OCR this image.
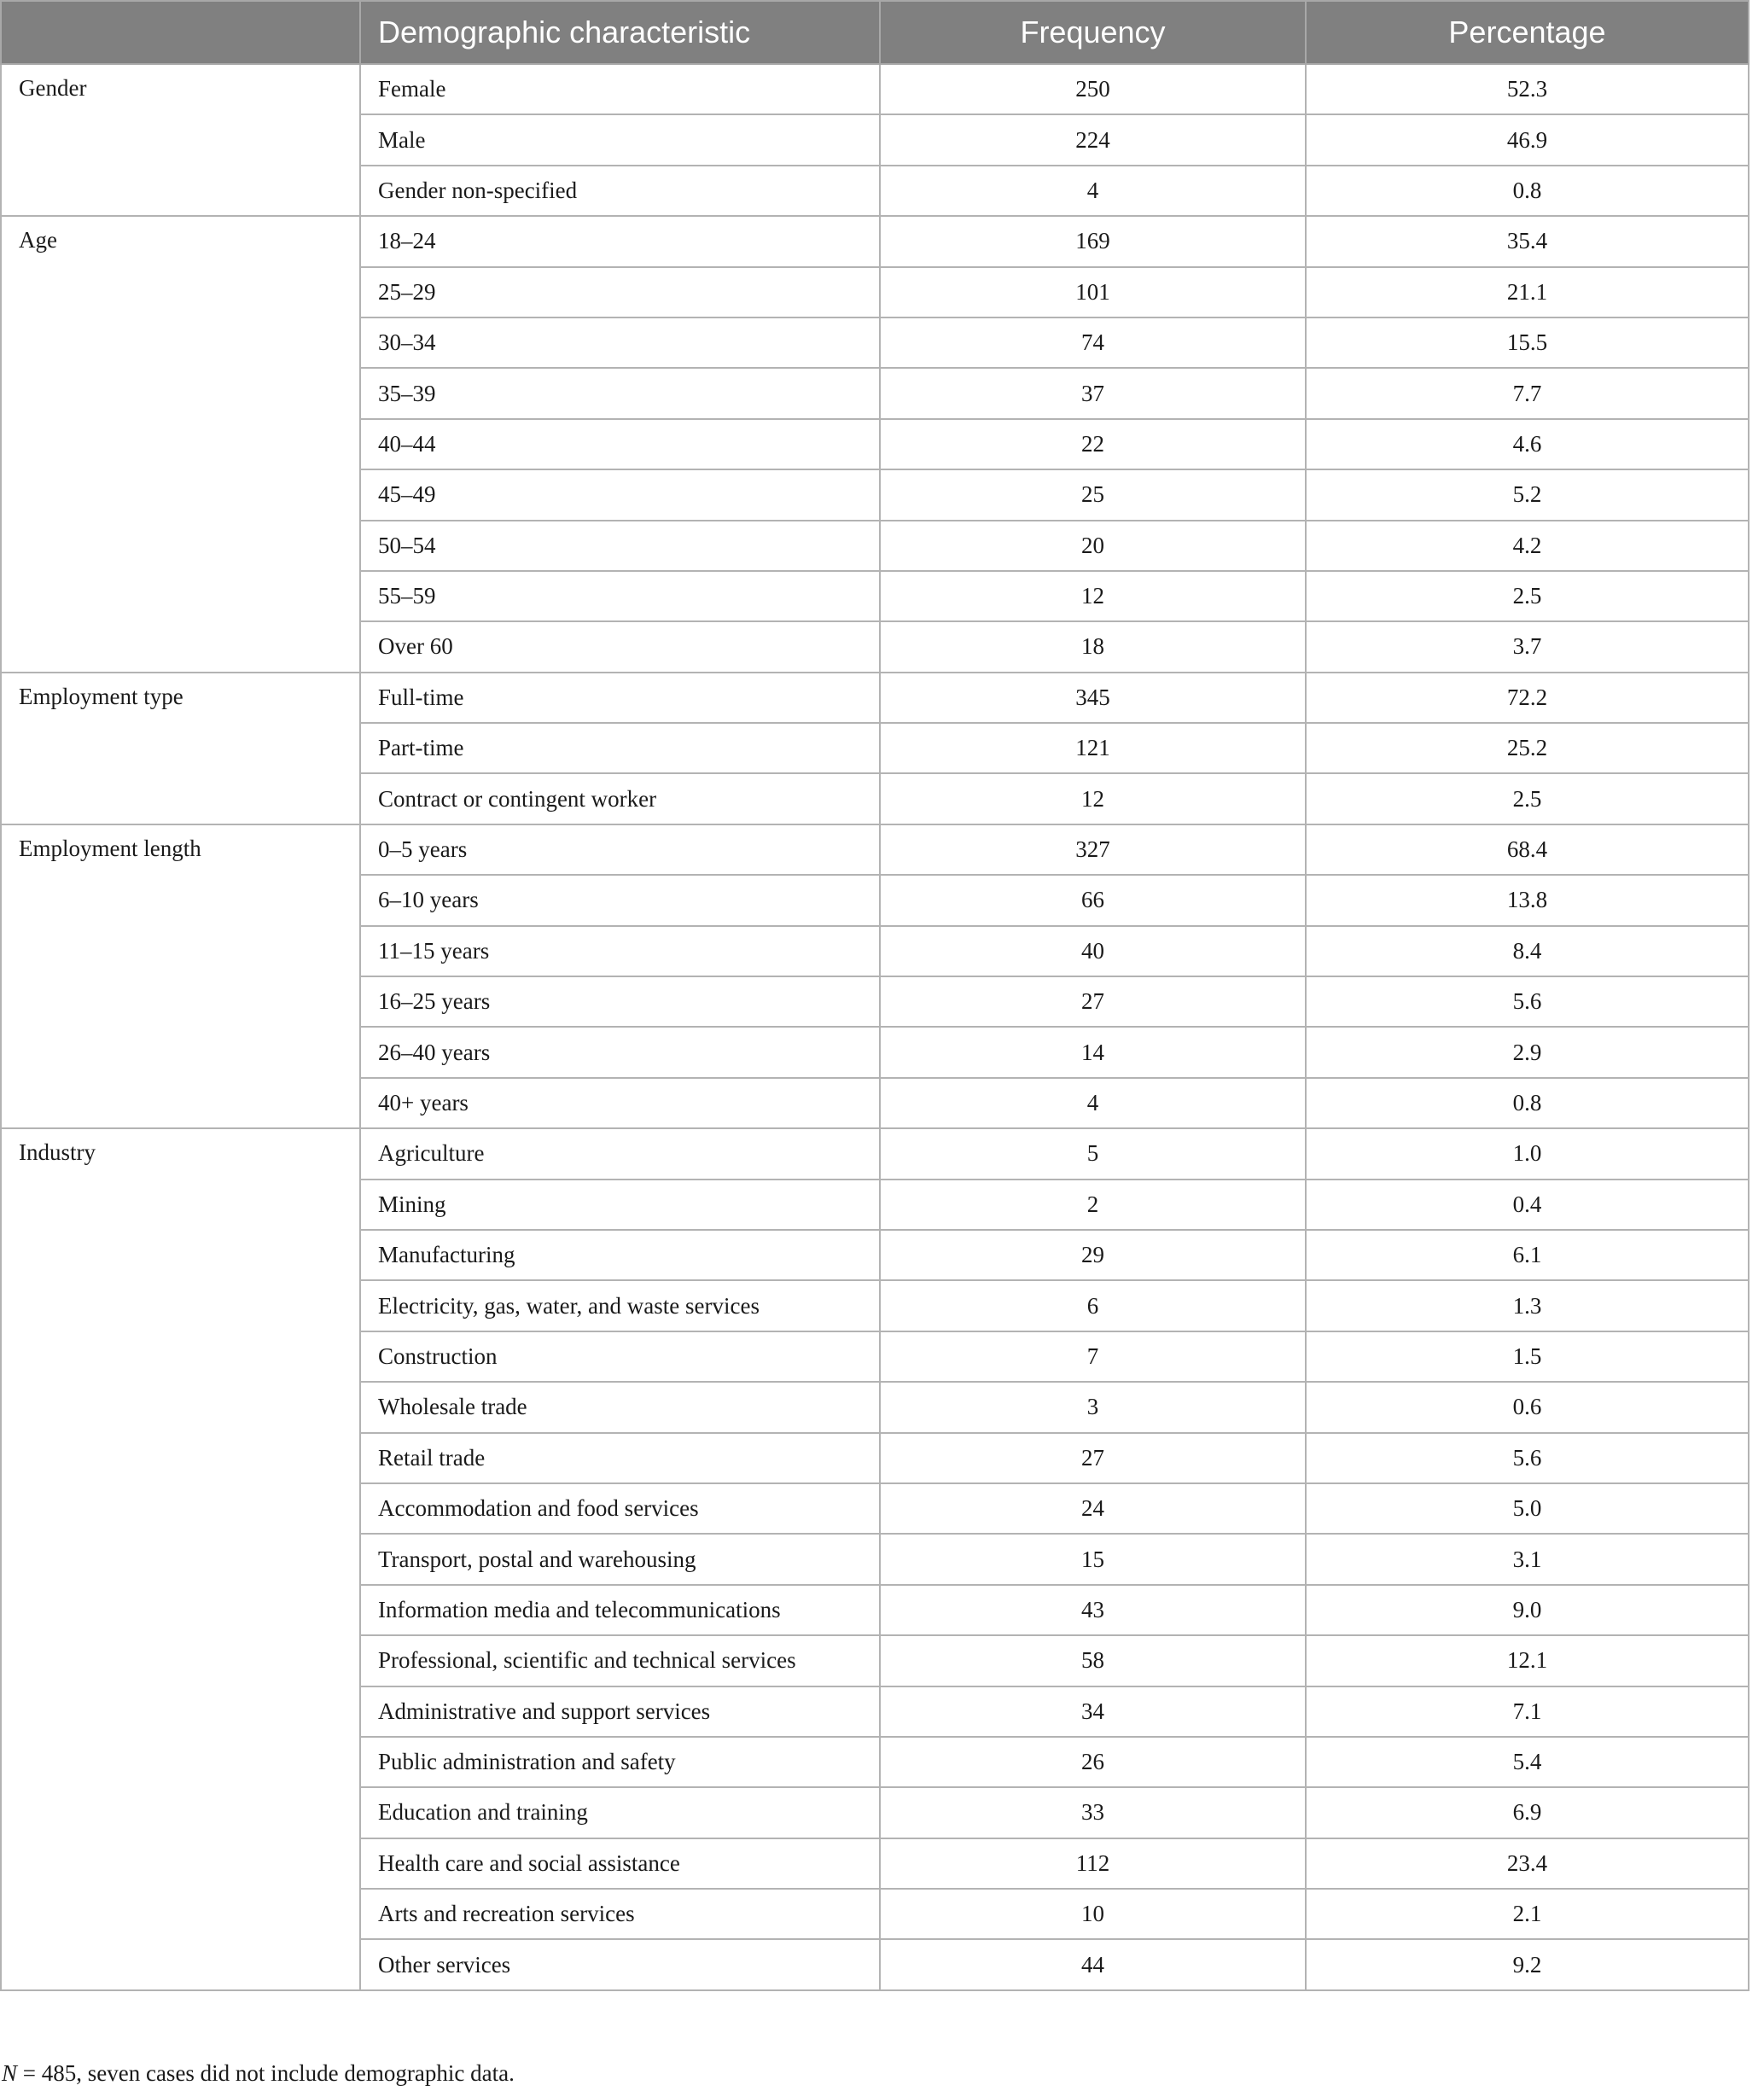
	Demographic characteristic	Frequency	Percentage
Gender	Female	250	52.3
	Male	224	46.9
	Gender non-specified	4	0.8
Age	18–24	169	35.4
	25–29	101	21.1
	30–34	74	15.5
	35–39	37	7.7
	40–44	22	4.6
	45–49	25	5.2
	50–54	20	4.2
	55–59	12	2.5
	Over 60	18	3.7
Employment type	Full-time	345	72.2
	Part-time	121	25.2
	Contract or contingent worker	12	2.5
Employment length	0–5 years	327	68.4
	6–10 years	66	13.8
	11–15 years	40	8.4
	16–25 years	27	5.6
	26–40 years	14	2.9
	40+ years	4	0.8
Industry	Agriculture	5	1.0
	Mining	2	0.4
	Manufacturing	29	6.1
	Electricity, gas, water, and waste services	6	1.3
	Construction	7	1.5
	Wholesale trade	3	0.6
	Retail trade	27	5.6
	Accommodation and food services	24	5.0
	Transport, postal and warehousing	15	3.1
	Information media and telecommunications	43	9.0
	Professional, scientific and technical services	58	12.1
	Administrative and support services	34	7.1
	Public administration and safety	26	5.4
	Education and training	33	6.9
	Health care and social assistance	112	23.4
	Arts and recreation services	10	2.1
	Other services	44	9.2
N = 485, seven cases did not include demographic data.
